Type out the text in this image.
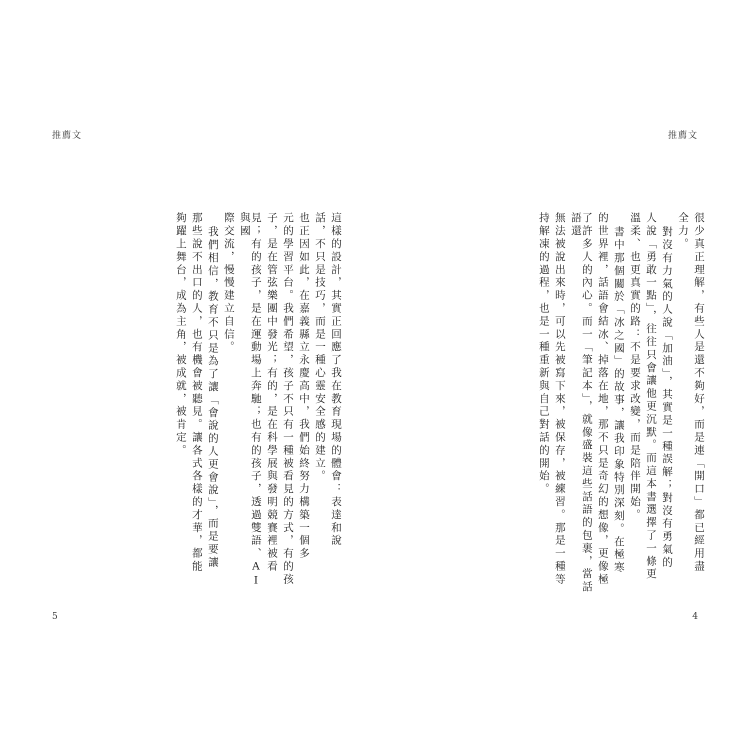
推薦文
這樣的設計，其實正回應了我在教育現場的體會：表達和說
話，不只是技巧，而是一種心靈安全感的建立。
也正因如此，在嘉義縣立永慶高中，我們始終努力構築一個多
元的學習平台。我們希望，孩子不只有一種被看見的方式，有的孩
子，是在管弦樂團中發光；有的，是在科學展與發明競賽裡被看
見；有的孩子，是在運動場上奔馳；也有的孩子，透過雙語、AI與國
際交流，慢慢建立自信。
我們相信，教育不只是為了讓「會說的人更會說」，而是要讓
那些說不出口的人，也有機會被聽見。讓各式各樣的才華，都能
夠躍上舞台，成為主角，被成就，被肯定。
5
推薦文
很少真正理解，有些人是還不夠好，而是連「開口」都已經用盡
全力。
對沒有力氣的人說「加油」，其實是一種誤解；對沒有勇氣的
人說「勇敢一點」，往往只會讓他更沉默。而這本書選擇了一條更
溫柔、也更真實的路：不是要求改變，而是陪伴開始。
書中那個關於「冰之國」的故事，讓我印象特別深刻。在極寒
的世界裡，話語會結冰、掉落在地，那不只是奇幻的想像，更像極
了許多人的內心。而一「筆記本」，就像盛裝這些話語的包裹，當話語還
無法被說出來時，可以先被寫下來，被保存，被練習。那是一種等
持解凍的過程，也是一種重新與自己對話的開始。
4
